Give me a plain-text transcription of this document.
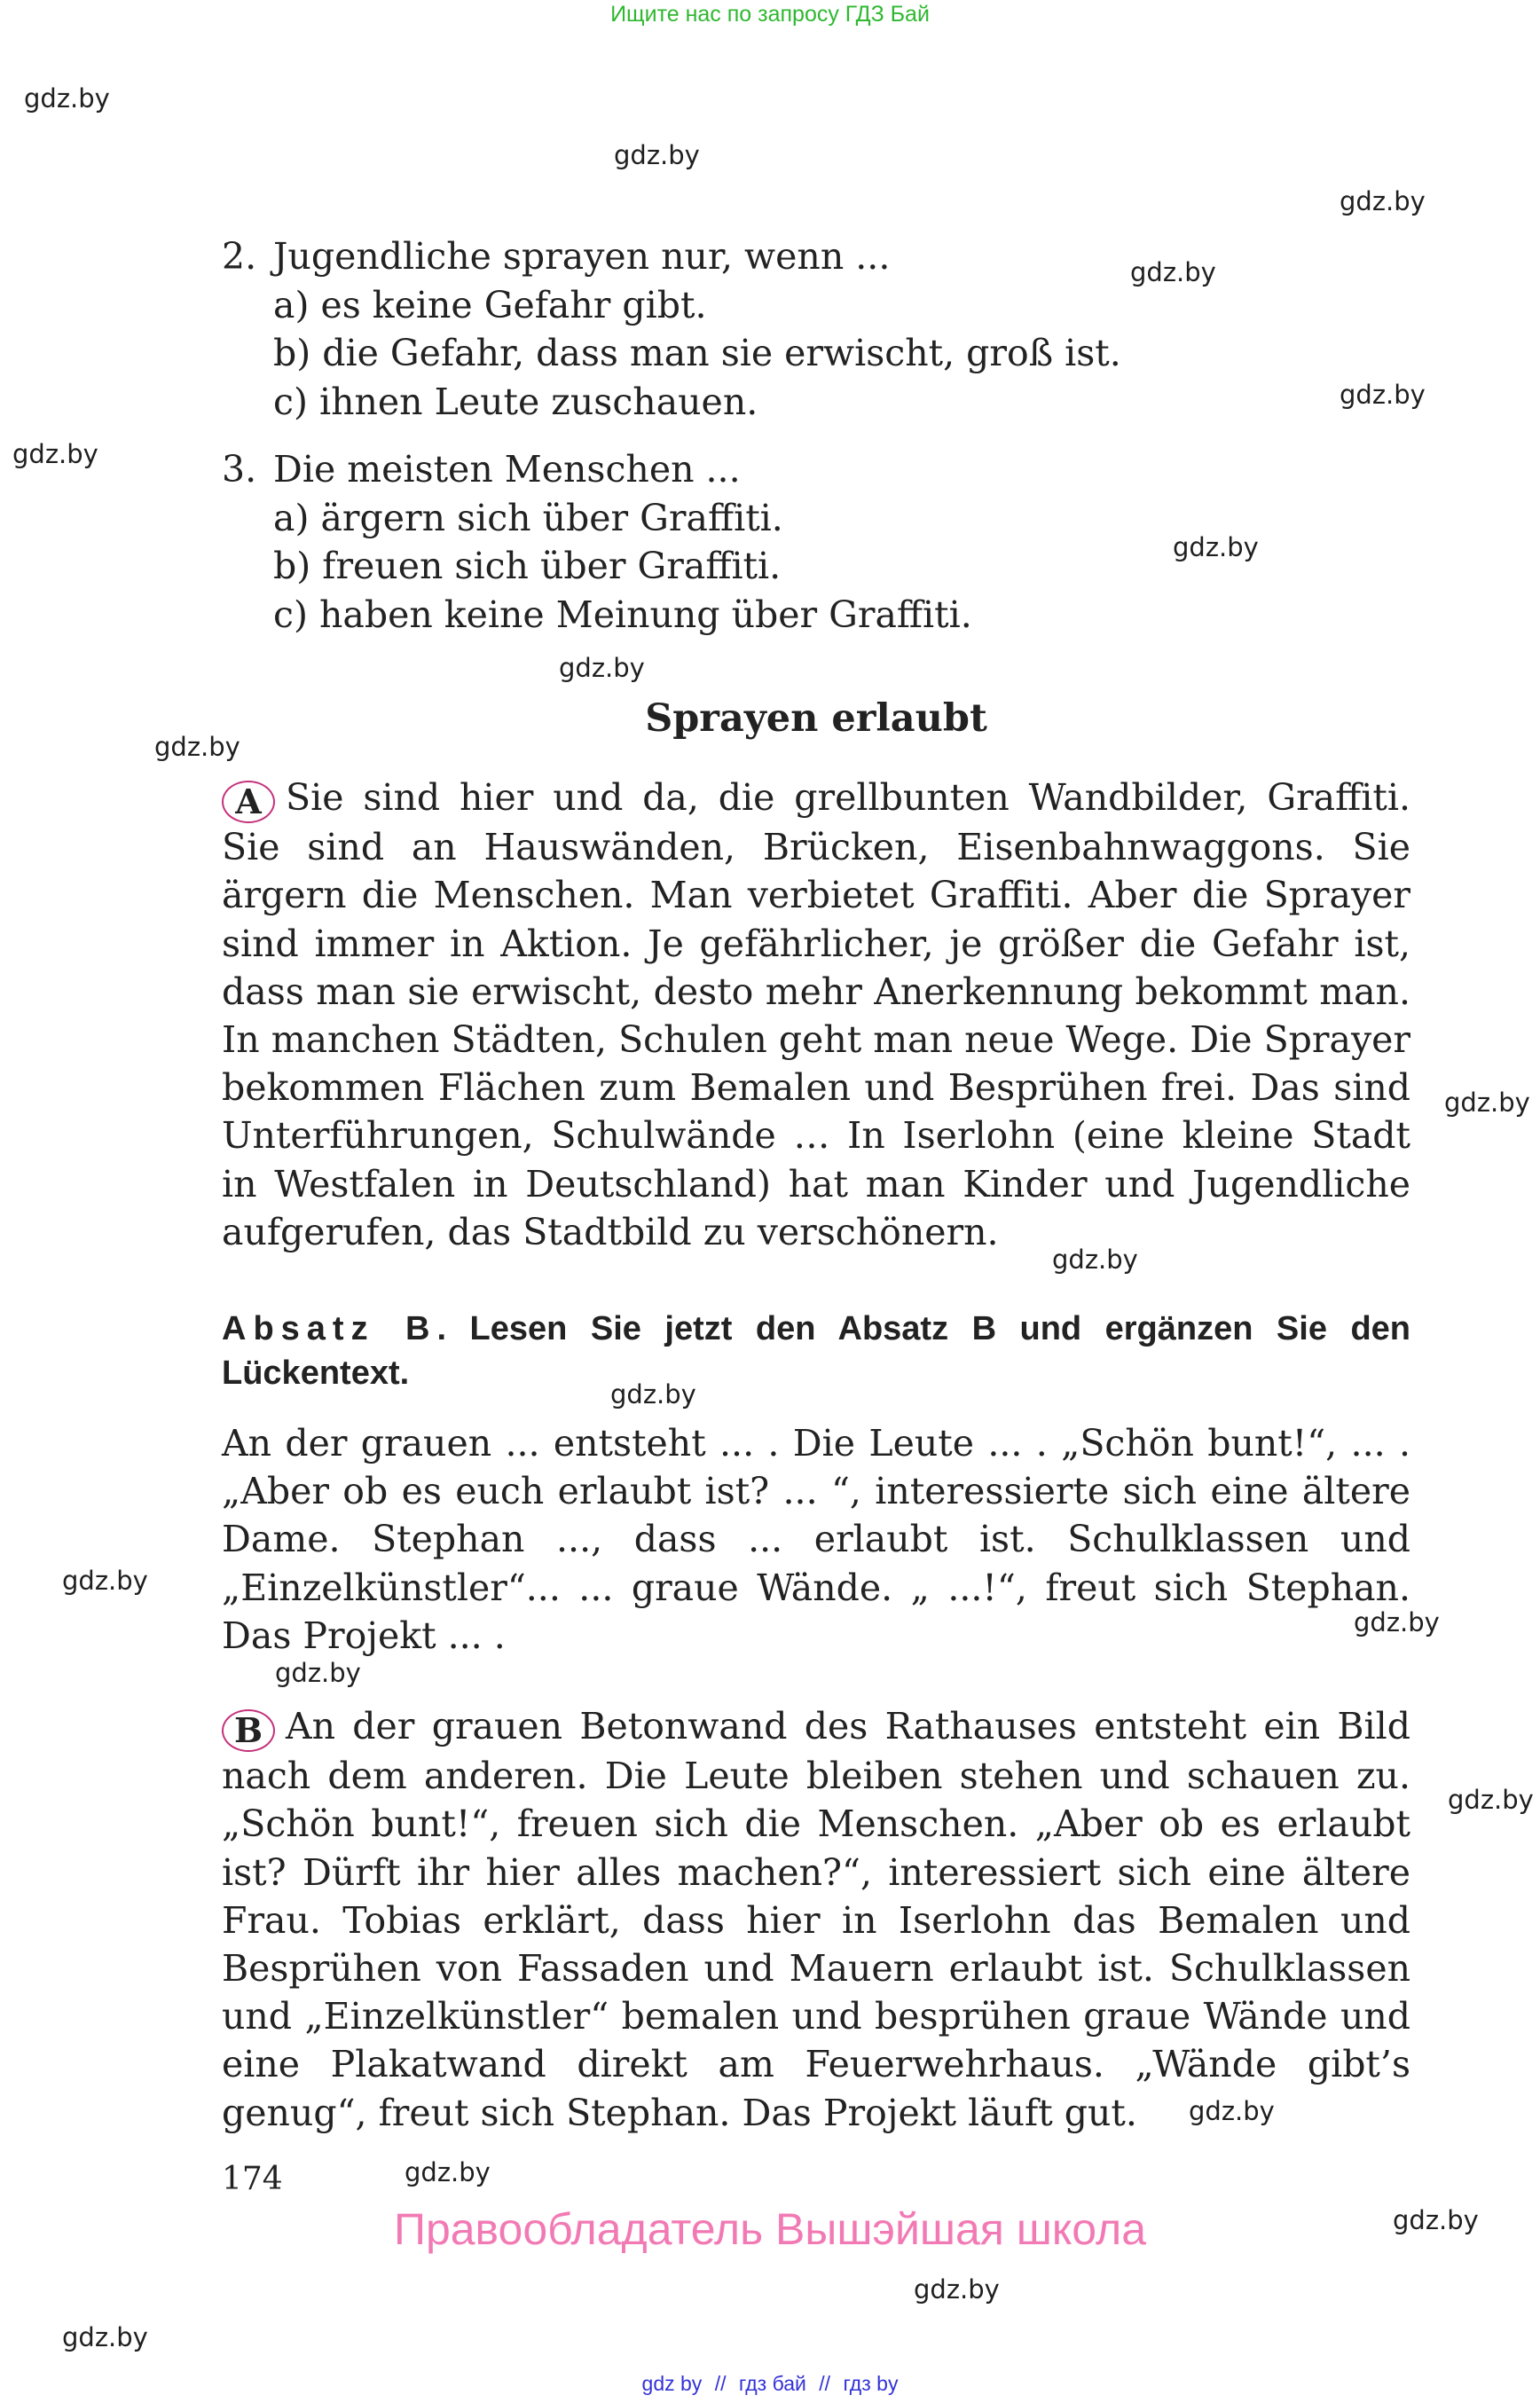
Ищите нас по запросу ГДЗ Бай
gdz.by
gdz.by
gdz.by
gdz.by
gdz.by
gdz.by
gdz.by
gdz.by
gdz.by
gdz.by
gdz.by
gdz.by
gdz.by
gdz.by
gdz.by
gdz.by
gdz.by
gdz.by
gdz.by
gdz.by
gdz.by
2. Jugendliche sprayen nur, wenn ...
a) es keine Gefahr gibt.
b) die Gefahr, dass man sie erwischt, groß ist.
c) ihnen Leute zuschauen.
3. Die meisten Menschen ...
a) ärgern sich über Graffiti.
b) freuen sich über Graffiti.
c) haben keine Meinung über Graffiti.
Sprayen erlaubt

A Sie sind hier und da, die grellbunten Wandbilder, Graffiti. Sie sind an Hauswänden, Brücken, Eisenbahnwaggons. Sie ärgern die Menschen. Man verbietet Graffiti. Aber die Sprayer sind immer in Aktion. Je gefährlicher, je größer die Gefahr ist, dass man sie erwischt, desto mehr Anerkennung bekommt man. In manchen Städten, Schulen geht man neue Wege. Die Sprayer bekommen Flächen zum Bemalen und Besprühen frei. Das sind Unterführungen, Schulwände … In Iserlohn (eine kleine Stadt in Westfalen in Deutschland) hat man Kinder und Jugendliche aufgerufen, das Stadtbild zu verschönern.

Absatz B. Lesen Sie jetzt den Absatz B und ergänzen Sie den Lückentext.

An der grauen ... entsteht ... . Die Leute ... . „Schön bunt!“, ... . „Aber ob es euch erlaubt ist? ... “, interessierte sich eine ältere Dame. Stephan ..., dass ... erlaubt ist. Schulklassen und „Einzelkünstler“... ... graue Wände. „ ...!“, freut sich Stephan. Das Projekt ... .

B An der grauen Betonwand des Rathauses entsteht ein Bild nach dem anderen. Die Leute bleiben stehen und schauen zu. „Schön bunt!“, freuen sich die Menschen. „Aber ob es erlaubt ist? Dürft ihr hier alles machen?“, interessiert sich eine ältere Frau. Tobias erklärt, dass hier in Iserlohn das Bemalen und Besprühen von Fassaden und Mauern erlaubt ist. Schulklassen und „Einzelkünstler“ bemalen und besprühen graue Wände und eine Plakatwand direkt am Feuerwehrhaus. „Wände gibt’s genug“, freut sich Stephan. Das Projekt läuft gut.

174
Правообладатель Вышэйшая школа
gdz by // гдз бай // гдз by
